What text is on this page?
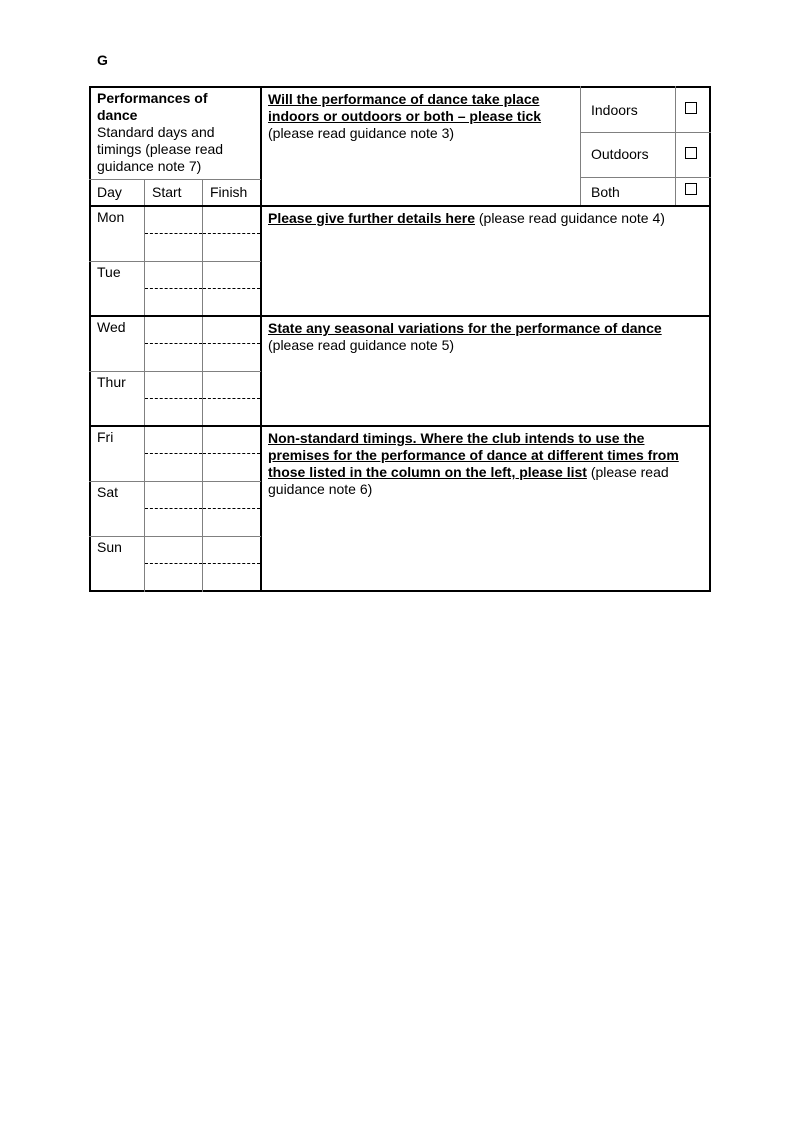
G
Performances of
dance
Standard days and
timings (please read
guidance note 7)
Day Start Finish
Mon
Tue
Wed
Thur
Fri
Sat
Sun
Will the performance of dance take place
indoors or outdoors or both – please tick
(please read guidance note 3)
Indoors
Outdoors
Both
Please give further details here (please read guidance note 4)
State any seasonal variations for the performance of dance
(please read guidance note 5)
Non-standard timings. Where the club intends to use the
premises for the performance of dance at different times from
those listed in the column on the left, please list (please read
guidance note 6)
